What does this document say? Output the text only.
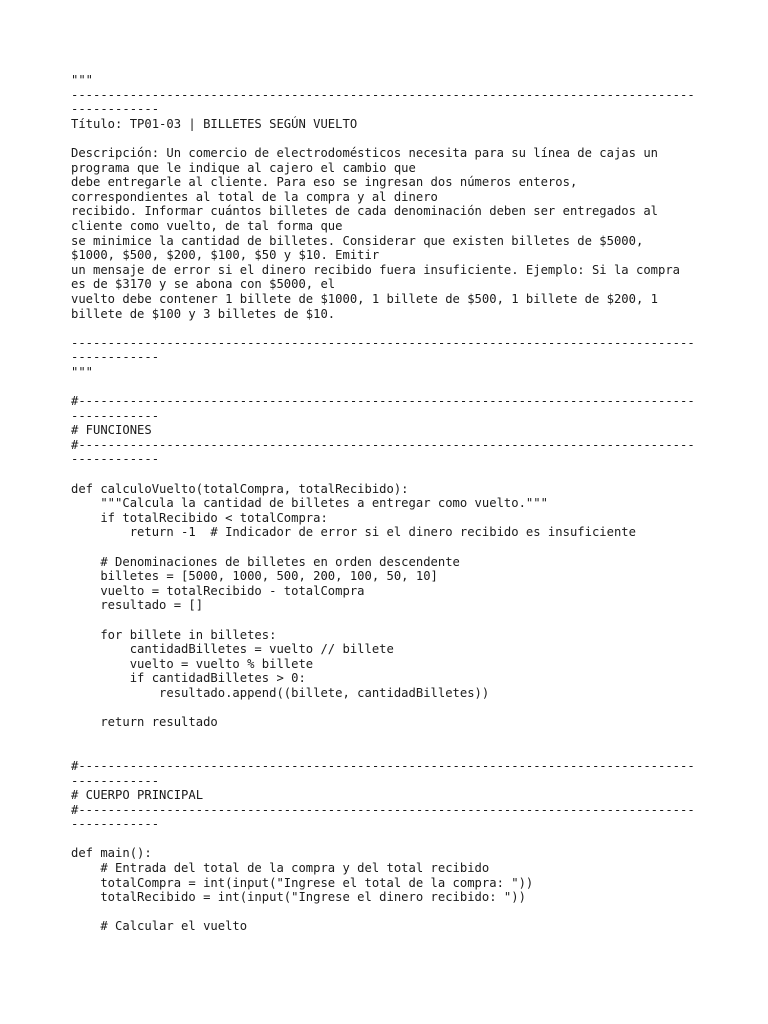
"""
-------------------------------------------------------------------------------------
------------
Título: TP01-03 | BILLETES SEGÚN VUELTO
Descripción: Un comercio de electrodomésticos necesita para su línea de cajas un
programa que le indique al cajero el cambio que
debe entregarle al cliente. Para eso se ingresan dos números enteros,
correspondientes al total de la compra y al dinero
recibido. Informar cuántos billetes de cada denominación deben ser entregados al
cliente como vuelto, de tal forma que
se minimice la cantidad de billetes. Considerar que existen billetes de $5000,
$1000, $500, $200, $100, $50 y $10. Emitir
un mensaje de error si el dinero recibido fuera insuficiente. Ejemplo: Si la compra
es de $3170 y se abona con $5000, el
vuelto debe contener 1 billete de $1000, 1 billete de $500, 1 billete de $200, 1
billete de $100 y 3 billetes de $10.
-------------------------------------------------------------------------------------
------------
"""
#------------------------------------------------------------------------------------
------------
# FUNCIONES
#------------------------------------------------------------------------------------
------------
def calculoVuelto(totalCompra, totalRecibido):
"""Calcula la cantidad de billetes a entregar como vuelto."""
if totalRecibido < totalCompra:
return -1  # Indicador de error si el dinero recibido es insuficiente
# Denominaciones de billetes en orden descendente
billetes = [5000, 1000, 500, 200, 100, 50, 10]
vuelto = totalRecibido - totalCompra
resultado = []
for billete in billetes:
cantidadBilletes = vuelto // billete
vuelto = vuelto % billete
if cantidadBilletes > 0:
resultado.append((billete, cantidadBilletes))
return resultado
#------------------------------------------------------------------------------------
------------
# CUERPO PRINCIPAL
#------------------------------------------------------------------------------------
------------
def main():
# Entrada del total de la compra y del total recibido
totalCompra = int(input("Ingrese el total de la compra: "))
totalRecibido = int(input("Ingrese el dinero recibido: "))
# Calcular el vuelto
